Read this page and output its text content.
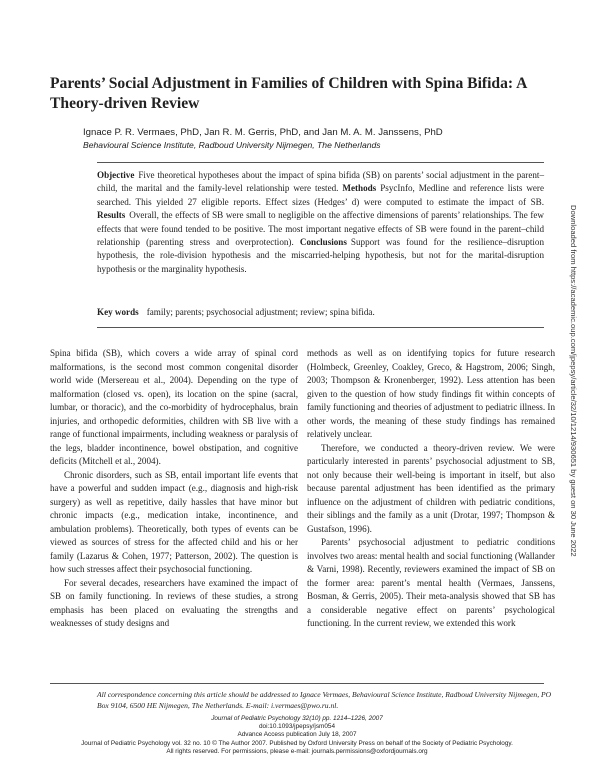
Parents’ Social Adjustment in Families of Children with Spina Bifida: A Theory-driven Review
Ignace P. R. Vermaes, PhD, Jan R. M. Gerris, PhD, and Jan M. A. M. Janssens, PhD
Behavioural Science Institute, Radboud University Nijmegen, The Netherlands
Objective Five theoretical hypotheses about the impact of spina bifida (SB) on parents’ social adjustment in the parent–child, the marital and the family-level relationship were tested. Methods PsycInfo, Medline and reference lists were searched. This yielded 27 eligible reports. Effect sizes (Hedges’ d) were computed to estimate the impact of SB. Results Overall, the effects of SB were small to negligible on the affective dimensions of parents’ relationships. The few effects that were found tended to be positive. The most important negative effects of SB were found in the parent–child relationship (parenting stress and overprotection). Conclusions Support was found for the resilience–disruption hypothesis, the role-division hypothesis and the miscarried-helping hypothesis, but not for the marital-disruption hypothesis or the marginality hypothesis.
Key words family; parents; psychosocial adjustment; review; spina bifida.

Spina bifida (SB), which covers a wide array of spinal cord malformations, is the second most common congenital disorder world wide (Mersereau et al., 2004). Depending on the type of malformation (closed vs. open), its location on the spine (sacral, lumbar, or thoracic), and the co-morbidity of hydrocephalus, brain injuries, and orthopedic deformities, children with SB live with a range of functional impairments, including weakness or paralysis of the legs, bladder incontinence, bowel obstipation, and cognitive deficits (Mitchell et al., 2004).

Chronic disorders, such as SB, entail important life events that have a powerful and sudden impact (e.g., diagnosis and high-risk surgery) as well as repetitive, daily hassles that have minor but chronic impacts (e.g., medication intake, incontinence, and ambulation problems). Theoretically, both types of events can be viewed as sources of stress for the affected child and his or her family (Lazarus & Cohen, 1977; Patterson, 2002). The question is how such stresses affect their psychosocial functioning.

For several decades, researchers have examined the impact of SB on family functioning. In reviews of these studies, a strong emphasis has been placed on evaluating the strengths and weaknesses of study designs and

methods as well as on identifying topics for future research (Holmbeck, Greenley, Coakley, Greco, & Hagstrom, 2006; Singh, 2003; Thompson & Kronenberger, 1992). Less attention has been given to the question of how study findings fit within concepts of family functioning and theories of adjustment to pediatric illness. In other words, the meaning of these study findings has remained relatively unclear.

Therefore, we conducted a theory-driven review. We were particularly interested in parents’ psychosocial adjustment to SB, not only because their well-being is important in itself, but also because parental adjustment has been identified as the primary influence on the adjustment of children with pediatric conditions, their siblings and the family as a unit (Drotar, 1997; Thompson & Gustafson, 1996).

Parents’ psychosocial adjustment to pediatric conditions involves two areas: mental health and social functioning (Wallander & Varni, 1998). Recently, reviewers examined the impact of SB on the former area: parent’s mental health (Vermaes, Janssens, Bosman, & Gerris, 2005). Their meta-analysis showed that SB has a considerable negative effect on parents’ psychological functioning. In the current review, we extended this work

Downloaded from https://academic.oup.com/jpepsy/article/32/10/1214/930651 by guest on 30 June 2022
All correspondence concerning this article should be addressed to Ignace Vermaes, Behavioural Science Institute, Radboud University Nijmegen, PO Box 9104, 6500 HE Nijmegen, The Netherlands. E-mail: i.vermaes@pwo.ru.nl.
Journal of Pediatric Psychology 32(10) pp. 1214–1226, 2007
doi:10.1093/jpepsy/jsm054
Advance Access publication July 18, 2007
Journal of Pediatric Psychology vol. 32 no. 10 © The Author 2007. Published by Oxford University Press on behalf of the Society of Pediatric Psychology.
All rights reserved. For permissions, please e-mail: journals.permissions@oxfordjournals.org
